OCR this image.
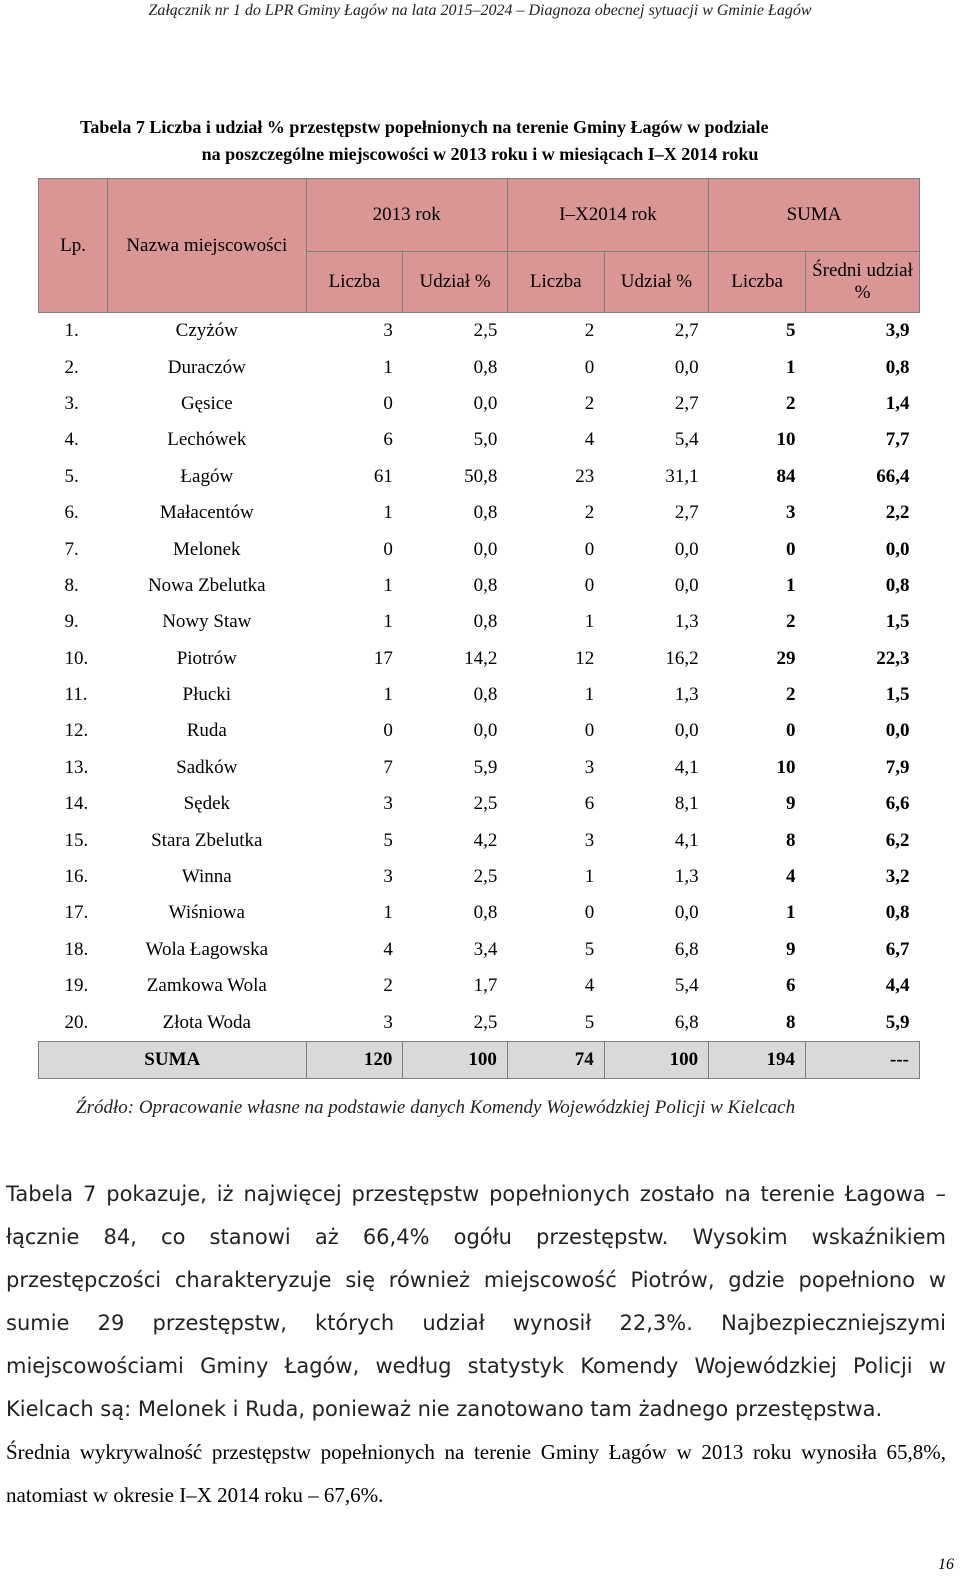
Załącznik nr 1 do LPR Gminy Łagów na lata 2015–2024 – Diagnoza obecnej sytuacji w Gminie Łagów
Tabela 7 Liczba i udział % przestępstw popełnionych na terenie Gminy Łagów w podziale
na poszczególne miejscowości w 2013 roku i w miesiącach I–X 2014 roku
Lp.	Nazwa miejscowości	2013 rok		I–X2014 rok		SUMA	
		Liczba	Udział %	Liczba	Udział %	Liczba	Średni udział %
1.	Czyżów	3	2,5	2	2,7	5	3,9
2.	Duraczów	1	0,8	0	0,0	1	0,8
3.	Gęsice	0	0,0	2	2,7	2	1,4
4.	Lechówek	6	5,0	4	5,4	10	7,7
5.	Łagów	61	50,8	23	31,1	84	66,4
6.	Małacentów	1	0,8	2	2,7	3	2,2
7.	Melonek	0	0,0	0	0,0	0	0,0
8.	Nowa Zbelutka	1	0,8	0	0,0	1	0,8
9.	Nowy Staw	1	0,8	1	1,3	2	1,5
10.	Piotrów	17	14,2	12	16,2	29	22,3
11.	Płucki	1	0,8	1	1,3	2	1,5
12.	Ruda	0	0,0	0	0,0	0	0,0
13.	Sadków	7	5,9	3	4,1	10	7,9
14.	Sędek	3	2,5	6	8,1	9	6,6
15.	Stara Zbelutka	5	4,2	3	4,1	8	6,2
16.	Winna	3	2,5	1	1,3	4	3,2
17.	Wiśniowa	1	0,8	0	0,0	1	0,8
18.	Wola Łagowska	4	3,4	5	6,8	9	6,7
19.	Zamkowa Wola	2	1,7	4	5,4	6	4,4
20.	Złota Woda	3	2,5	5	6,8	8	5,9
SUMA		120	100	74	100	194	---
Źródło: Opracowanie własne na podstawie danych Komendy Wojewódzkiej Policji w Kielcach
Tabela 7 pokazuje, iż najwięcej przestępstw popełnionych zostało na terenie Łagowa – łącznie 84, co stanowi aż 66,4% ogółu przestępstw. Wysokim wskaźnikiem przestępczości charakteryzuje się również miejscowość Piotrów, gdzie popełniono w sumie 29 przestępstw, których udział wynosił 22,3%. Najbezpieczniejszymi miejscowościami Gminy Łagów, według statystyk Komendy Wojewódzkiej Policji w Kielcach są: Melonek i Ruda, ponieważ nie zanotowano tam żadnego przestępstwa.
Średnia wykrywalność przestępstw popełnionych na terenie Gminy Łagów w 2013 roku wynosiła 65,8%, natomiast w okresie I–X 2014 roku – 67,6%.
16
